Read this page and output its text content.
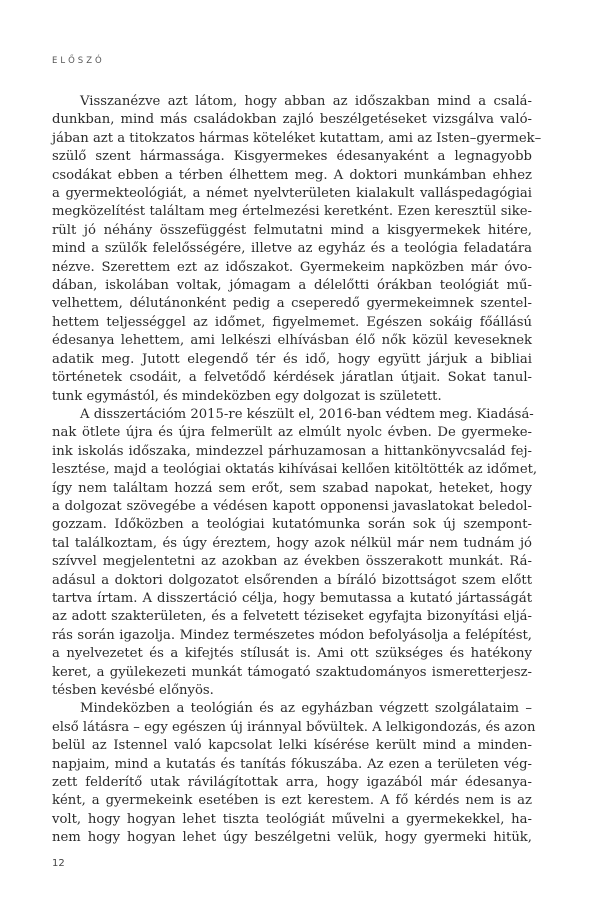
ELŐSZÓ
Visszanézve azt látom, hogy abban az időszakban mind a csalá-
dunkban, mind más családokban zajló beszélgetéseket vizsgálva való-
jában azt a titokzatos hármas köteléket kutattam, ami az Isten–gyermek–
szülő szent hármassága. Kisgyermekes édesanyaként a legnagyobb
csodákat ebben a térben élhettem meg. A doktori munkámban ehhez
a gyermekteológiát, a német nyelvterületen kialakult valláspedagógiai
megközelítést találtam meg értelmezési keretként. Ezen keresztül sike-
rült jó néhány összefüggést felmutatni mind a kisgyermekek hitére,
mind a szülők felelősségére, illetve az egyház és a teológia feladatára
nézve. Szerettem ezt az időszakot. Gyermekeim napközben már óvo-
dában, iskolában voltak, jómagam a délelőtti órákban teológiát mű-
velhettem, délutánonként pedig a cseperedő gyermekeimnek szentel-
hettem teljességgel az időmet, figyelmemet. Egészen sokáig főállású
édesanya lehettem, ami lelkészi elhívásban élő nők közül keveseknek
adatik meg. Jutott elegendő tér és idő, hogy együtt járjuk a bibliai
történetek csodáit, a felvetődő kérdések járatlan útjait. Sokat tanul-
tunk egymástól, és mindeközben egy dolgozat is született.
A disszertációm 2015-re készült el, 2016-ban védtem meg. Kiadásá-
nak ötlete újra és újra felmerült az elmúlt nyolc évben. De gyermeke-
ink iskolás időszaka, mindezzel párhuzamosan a hittankönyvcsalád fej-
lesztése, majd a teológiai oktatás kihívásai kellően kitöltötték az időmet,
így nem találtam hozzá sem erőt, sem szabad napokat, heteket, hogy
a dolgozat szövegébe a védésen kapott opponensi javaslatokat beledol-
gozzam. Időközben a teológiai kutatómunka során sok új szempont-
tal találkoztam, és úgy éreztem, hogy azok nélkül már nem tudnám jó
szívvel megjelentetni az azokban az években összerakott munkát. Rá-
adásul a doktori dolgozatot elsőrenden a bíráló bizottságot szem előtt
tartva írtam. A disszertáció célja, hogy bemutassa a kutató jártasságát
az adott szakterületen, és a felvetett téziseket egyfajta bizonyítási eljá-
rás során igazolja. Mindez természetes módon befolyásolja a felépítést,
a nyelvezetet és a kifejtés stílusát is. Ami ott szükséges és hatékony
keret, a gyülekezeti munkát támogató szaktudományos ismeretterjesz-
tésben kevésbé előnyös.
Mindeközben a teológián és az egyházban végzett szolgálataim –
első látásra – egy egészen új iránnyal bővültek. A lelkigondozás, és azon
belül az Istennel való kapcsolat lelki kísérése került mind a minden-
napjaim, mind a kutatás és tanítás fókuszába. Az ezen a területen vég-
zett felderítő utak rávilágítottak arra, hogy igazából már édesanya-
ként, a gyermekeink esetében is ezt kerestem. A fő kérdés nem is az
volt, hogy hogyan lehet tiszta teológiát művelni a gyermekekkel, ha-
nem hogy hogyan lehet úgy beszélgetni velük, hogy gyermeki hitük,
12
